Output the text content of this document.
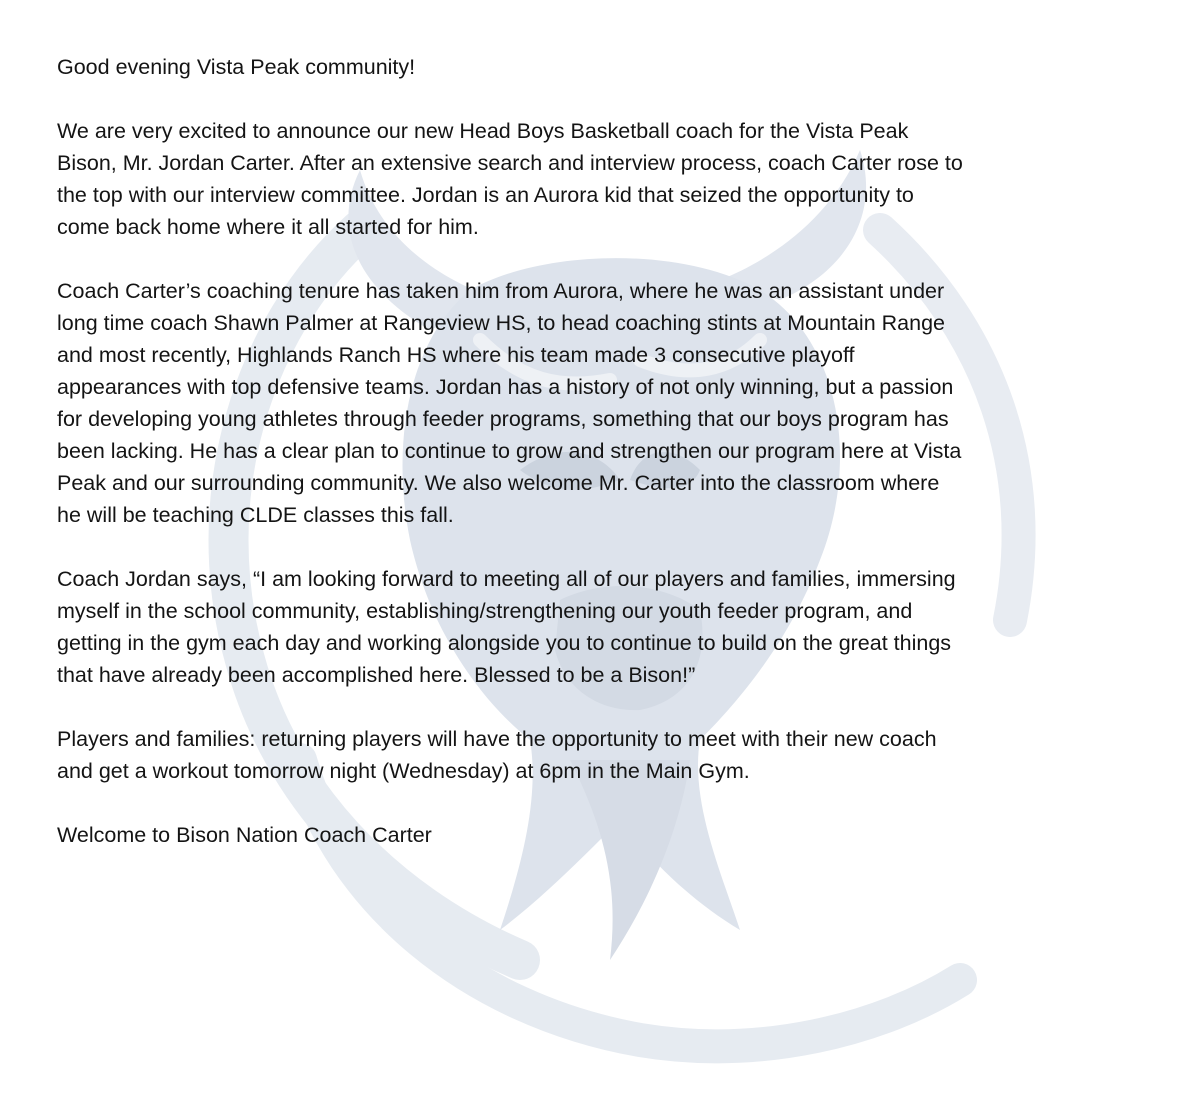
Good evening Vista Peak community!

We are very excited to announce our new Head Boys Basketball coach for the Vista Peak
Bison, Mr. Jordan Carter. After an extensive search and interview process, coach Carter rose to
the top with our interview committee. Jordan is an Aurora kid that seized the opportunity to
come back home where it all started for him.

Coach Carter’s coaching tenure has taken him from Aurora, where he was an assistant under
long time coach Shawn Palmer at Rangeview HS, to head coaching stints at Mountain Range
and most recently, Highlands Ranch HS where his team made 3 consecutive playoff
appearances with top defensive teams. Jordan has a history of not only winning, but a passion
for developing young athletes through feeder programs, something that our boys program has
been lacking. He has a clear plan to continue to grow and strengthen our program here at Vista
Peak and our surrounding community. We also welcome Mr. Carter into the classroom where
he will be teaching CLDE classes this fall.

Coach Jordan says, “I am looking forward to meeting all of our players and families, immersing
myself in the school community, establishing/strengthening our youth feeder program, and
getting in the gym each day and working alongside you to continue to build on the great things
that have already been accomplished here. Blessed to be a Bison!”

Players and families: returning players will have the opportunity to meet with their new coach
and get a workout tomorrow night (Wednesday) at 6pm in the Main Gym.

Welcome to Bison Nation Coach Carter
